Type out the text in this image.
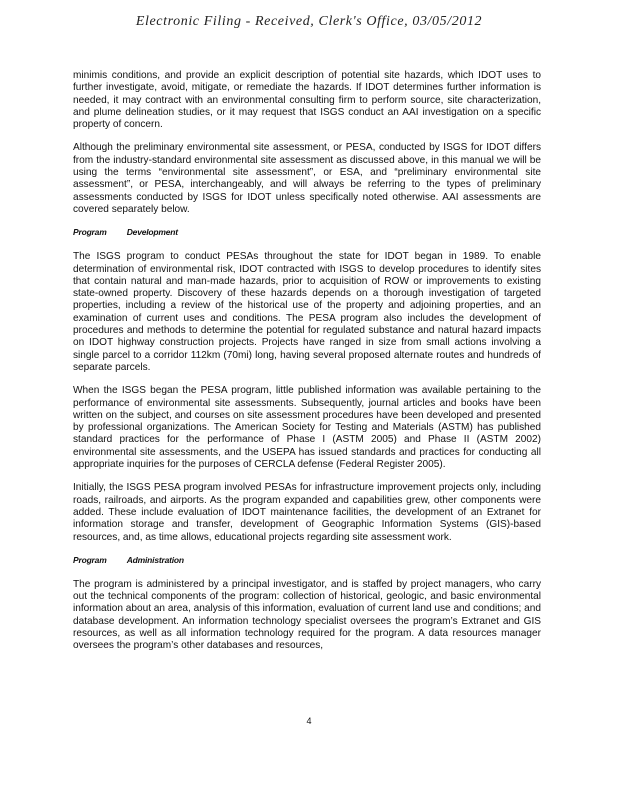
Electronic Filing - Received, Clerk's Office, 03/05/2012

minimis conditions, and provide an explicit description of potential site hazards, which IDOT uses to further investigate, avoid, mitigate, or remediate the hazards. If IDOT determines further information is needed, it may contract with an environmental consulting firm to perform source, site characterization, and plume delineation studies, or it may request that ISGS conduct an AAI investigation on a specific property of concern.

Although the preliminary environmental site assessment, or PESA, conducted by ISGS for IDOT differs from the industry-standard environmental site assessment as discussed above, in this manual we will be using the terms “environmental site assessment”, or ESA, and “preliminary environmental site assessment”, or PESA, interchangeably, and will always be referring to the types of preliminary assessments conducted by ISGS for IDOT unless specifically noted otherwise. AAI assessments are covered separately below.

Program Development

The ISGS program to conduct PESAs throughout the state for IDOT began in 1989. To enable determination of environmental risk, IDOT contracted with ISGS to develop procedures to identify sites that contain natural and man-made hazards, prior to acquisition of ROW or improvements to existing state-owned property. Discovery of these hazards depends on a thorough investigation of targeted properties, including a review of the historical use of the property and adjoining properties, and an examination of current uses and conditions. The PESA program also includes the development of procedures and methods to determine the potential for regulated substance and natural hazard impacts on IDOT highway construction projects. Projects have ranged in size from small actions involving a single parcel to a corridor 112km (70mi) long, having several proposed alternate routes and hundreds of separate parcels.

When the ISGS began the PESA program, little published information was available pertaining to the performance of environmental site assessments. Subsequently, journal articles and books have been written on the subject, and courses on site assessment procedures have been developed and presented by professional organizations. The American Society for Testing and Materials (ASTM) has published standard practices for the performance of Phase I (ASTM 2005) and Phase II (ASTM 2002) environmental site assessments, and the USEPA has issued standards and practices for conducting all appropriate inquiries for the purposes of CERCLA defense (Federal Register 2005).

Initially, the ISGS PESA program involved PESAs for infrastructure improvement projects only, including roads, railroads, and airports. As the program expanded and capabilities grew, other components were added. These include evaluation of IDOT maintenance facilities, the development of an Extranet for information storage and transfer, development of Geographic Information Systems (GIS)-based resources, and, as time allows, educational projects regarding site assessment work.

Program Administration

The program is administered by a principal investigator, and is staffed by project managers, who carry out the technical components of the program: collection of historical, geologic, and basic environmental information about an area, analysis of this information, evaluation of current land use and conditions; and database development. An information technology specialist oversees the program’s Extranet and GIS resources, as well as all information technology required for the program. A data resources manager oversees the program’s other databases and resources,

4
